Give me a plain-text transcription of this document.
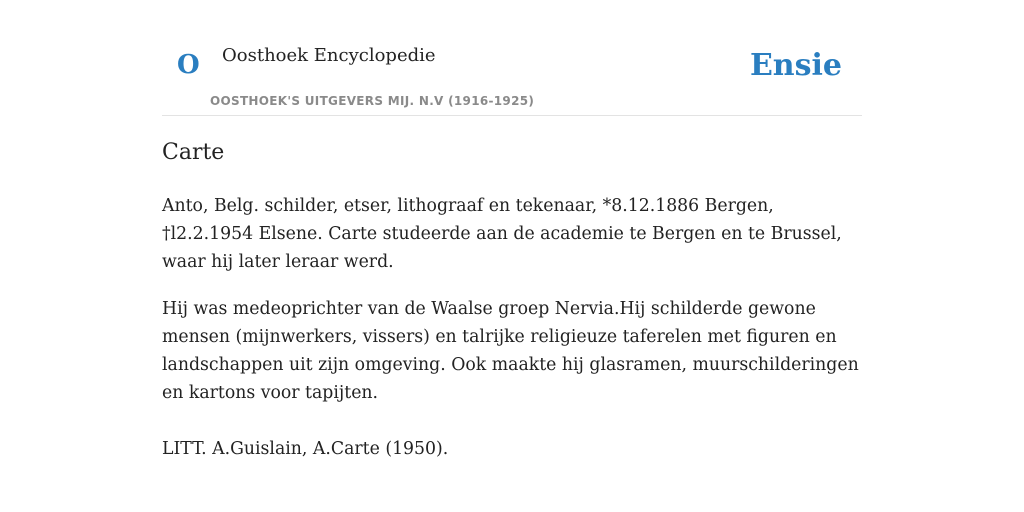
O Oosthoek Encyclopedie
OOSTHOEK'S UITGEVERS MIJ. N.V (1916-1925)
Ensie
Carte

Anto, Belg. schilder, etser, lithograaf en tekenaar, *8.12.1886 Bergen, †l2.2.1954 Elsene. Carte studeerde aan de academie te Bergen en te Brussel, waar hij later leraar werd.

Hij was medeoprichter van de Waalse groep Nervia.Hij schilderde gewone mensen (mijnwerkers, vissers) en talrijke religieuze taferelen met figuren en landschappen uit zijn omgeving. Ook maakte hij glasramen, muurschilderingen en kartons voor tapijten.

LITT. A.Guislain, A.Carte (1950).
